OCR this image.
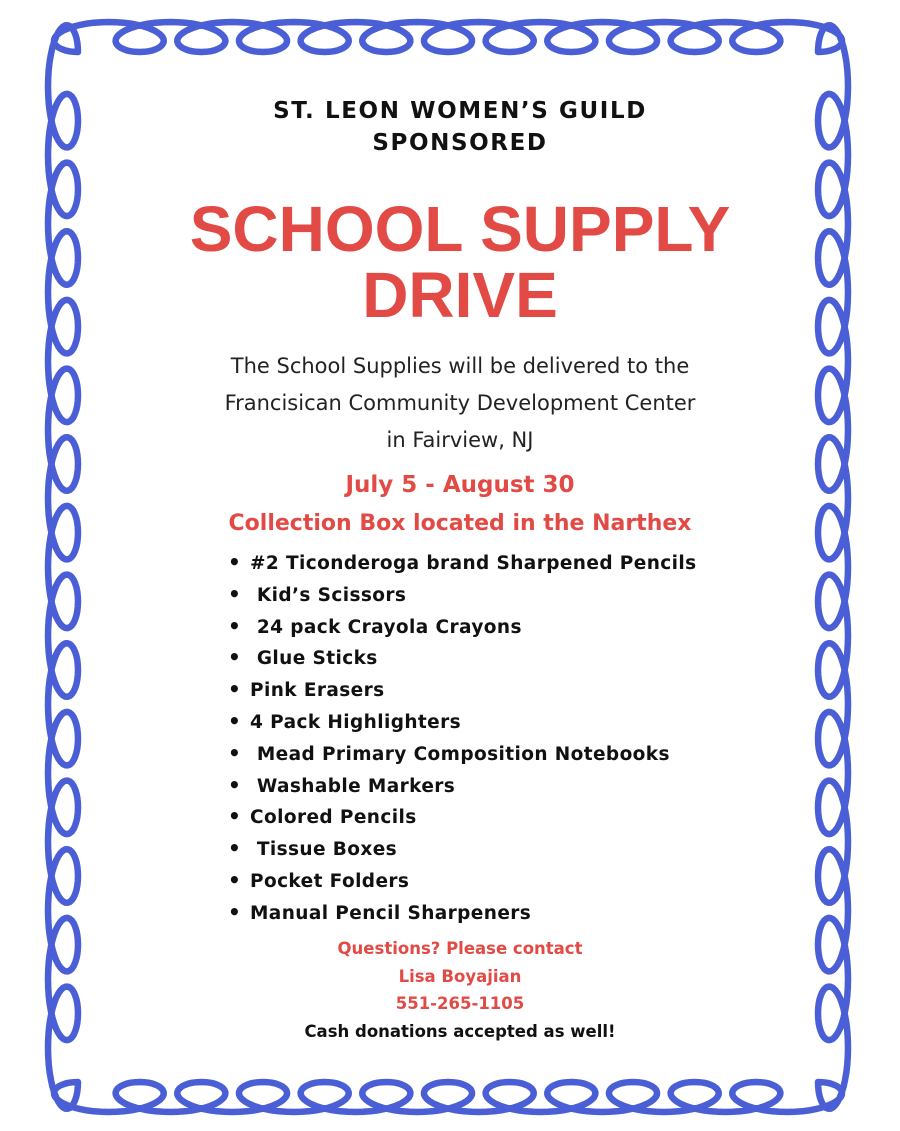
ST. LEON WOMEN’S GUILD
SPONSORED
SCHOOL SUPPLY
DRIVE
The School Supplies will be delivered to the
Francisican Community Development Center
in Fairview, NJ
July 5 - August 30
Collection Box located in the Narthex
• #2 Ticonderoga brand Sharpened Pencils
• Kid’s Scissors
• 24 pack Crayola Crayons
• Glue Sticks
• Pink Erasers
• 4 Pack Highlighters
• Mead Primary Composition Notebooks
• Washable Markers
• Colored Pencils
• Tissue Boxes
• Pocket Folders
• Manual Pencil Sharpeners
Questions? Please contact
Lisa Boyajian
551-265-1105
Cash donations accepted as well!
